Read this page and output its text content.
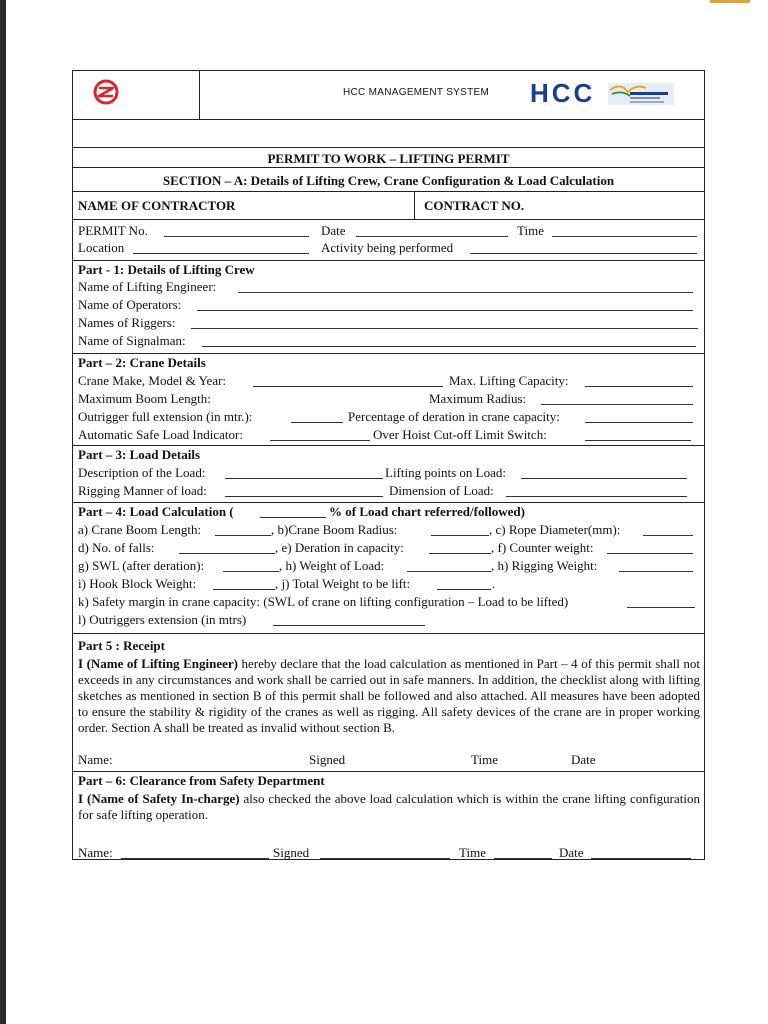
HCC MANAGEMENT SYSTEM HCC
PERMIT TO WORK – LIFTING PERMIT
$_{SECTION - A: Details of Lifting Crew, Crane Configuration \& Load Calculation}$
NAME OF CONTRACTOR	CONTRACT NO.
PERMIT No.	Date	Time
Location	Activity being performed
Part - 1: Details of Lifting Crew
Name of Lifting Engineer:
Name of Operators:
Names of Riggers:
Name of Signalman:
Part – 2: Crane Details
Crane Make, Model & Year:	Max. Lifting Capacity:
Maximum Boom Length:	Maximum Radius:
Outrigger full extension (in mtr.):	Percentage of deration in crane capacity:
Automatic Safe Load Indicator:	Over Hoist Cut-off Limit Switch:
Part – 3: Load Details
Description of the Load:	Lifting points on Load:
Rigging Manner of load:	Dimension of Load:
Part – 4: Load Calculation (	% of Load chart referred/followed)
a) Crane Boom Length:	, b)Crane Boom Radius:	, c) Rope Diameter(mm):
d) No. of falls:	, e) Deration in capacity:	, f) Counter weight:
g) SWL (after deration):	, h) Weight of Load:	, h) Rigging Weight:
i) Hook Block Weight:	, j) Total Weight to be lift:	.
k) Safety margin in crane capacity: (SWL of crane on lifting configuration – Load to be lifted)
l) Outriggers extension (in mtrs)
Part 5 : Receipt
I (Name of Lifting Engineer) hereby declare that the load calculation as mentioned in Part – 4 of this permit shall not exceeds in any circumstances and work shall be carried out in safe manners. In addition, the checklist along with lifting sketches as mentioned in section B of this permit shall be followed and also attached. All measures have been adopted to ensure the stability & rigidity of the cranes as well as rigging. All safety devices of the crane are in proper working order. Section A shall be treated as invalid without section B.
Name:	Signed	Time	Date
Part – 6: Clearance from Safety Department
I (Name of Safety In-charge) also checked the above load calculation which is within the crane lifting configuration for safe lifting operation.
Name:	Signed	Time	Date
